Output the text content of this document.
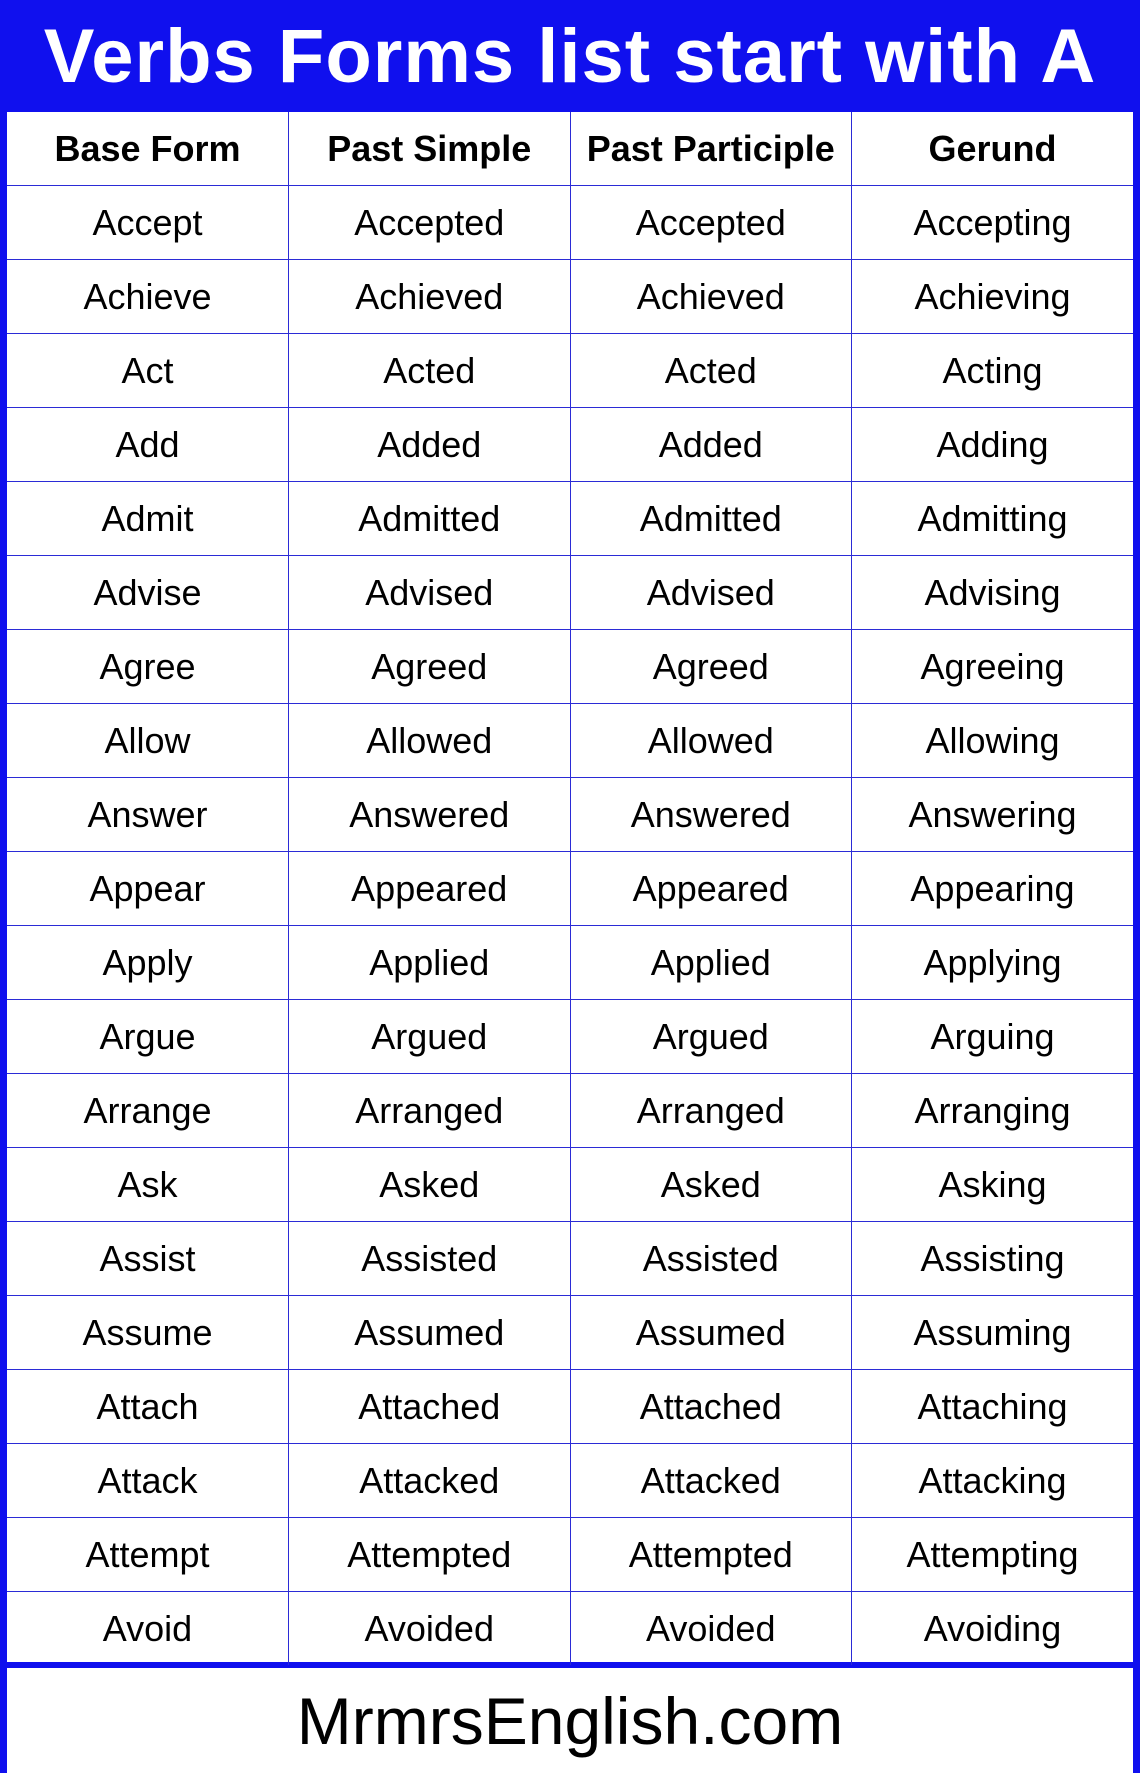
Verbs Forms list start with A
Base Form	Past Simple	Past Participle	Gerund
Accept	Accepted	Accepted	Accepting
Achieve	Achieved	Achieved	Achieving
Act	Acted	Acted	Acting
Add	Added	Added	Adding
Admit	Admitted	Admitted	Admitting
Advise	Advised	Advised	Advising
Agree	Agreed	Agreed	Agreeing
Allow	Allowed	Allowed	Allowing
Answer	Answered	Answered	Answering
Appear	Appeared	Appeared	Appearing
Apply	Applied	Applied	Applying
Argue	Argued	Argued	Arguing
Arrange	Arranged	Arranged	Arranging
Ask	Asked	Asked	Asking
Assist	Assisted	Assisted	Assisting
Assume	Assumed	Assumed	Assuming
Attach	Attached	Attached	Attaching
Attack	Attacked	Attacked	Attacking
Attempt	Attempted	Attempted	Attempting
Avoid	Avoided	Avoided	Avoiding
MrmrsEnglish.com
